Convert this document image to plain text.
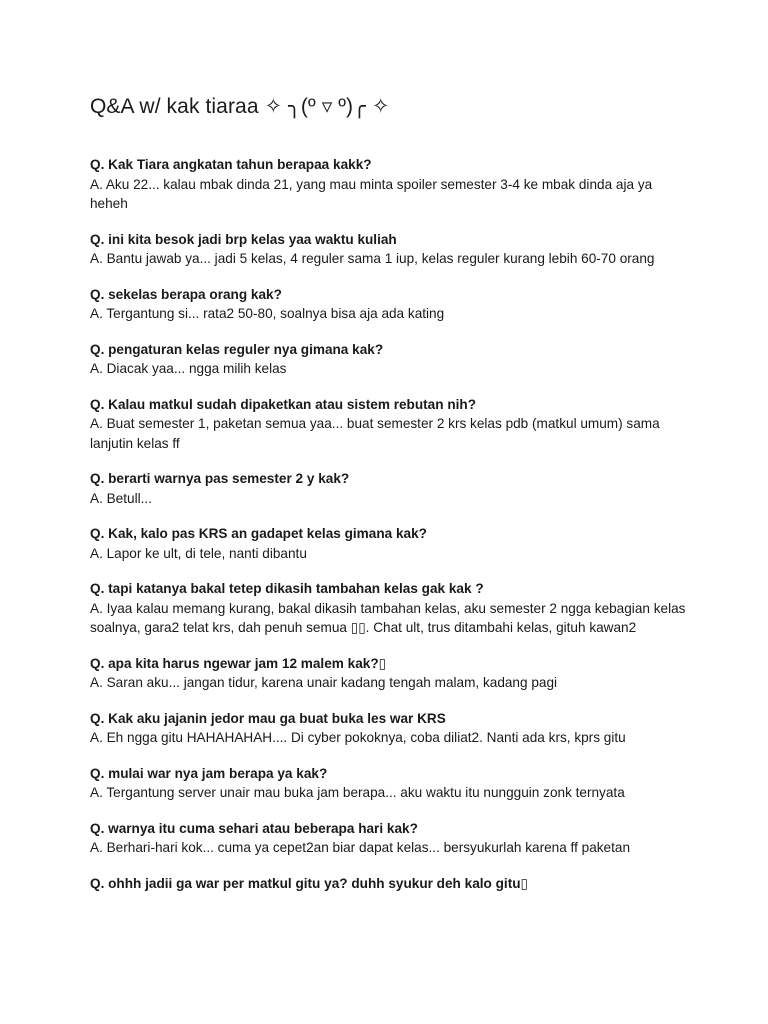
Q&A w/ kak tiaraa ✧ ╮(º ▿ º)╭ ✧

Q. Kak Tiara angkatan tahun berapaa kakk?

A. Aku 22... kalau mbak dinda 21, yang mau minta spoiler semester 3-4 ke mbak dinda aja ya heheh

Q. ini kita besok jadi brp kelas yaa waktu kuliah

A. Bantu jawab ya... jadi 5 kelas, 4 reguler sama 1 iup, kelas reguler kurang lebih 60-70 orang

Q. sekelas berapa orang kak?

A. Tergantung si... rata2 50-80, soalnya bisa aja ada kating

Q. pengaturan kelas reguler nya gimana kak?

A. Diacak yaa... ngga milih kelas

Q. Kalau matkul sudah dipaketkan atau sistem rebutan nih?

A. Buat semester 1, paketan semua yaa... buat semester 2 krs kelas pdb (matkul umum) sama lanjutin kelas ff

Q. berarti warnya pas semester 2 y kak?

A. Betull...

Q. Kak, kalo pas KRS an gadapet kelas gimana kak?

A. Lapor ke ult, di tele, nanti dibantu

Q. tapi katanya bakal tetep dikasih tambahan kelas gak kak ?

A. Iyaa kalau memang kurang, bakal dikasih tambahan kelas, aku semester 2 ngga kebagian kelas soalnya, gara2 telat krs, dah penuh semua ▯▯. Chat ult, trus ditambahi kelas, gituh kawan2

Q. apa kita harus ngewar jam 12 malem kak?▯

A. Saran aku... jangan tidur, karena unair kadang tengah malam, kadang pagi

Q. Kak aku jajanin jedor mau ga buat buka les war KRS

A. Eh ngga gitu HAHAHAHAH.... Di cyber pokoknya, coba diliat2. Nanti ada krs, kprs gitu

Q. mulai war nya jam berapa ya kak?

A. Tergantung server unair mau buka jam berapa... aku waktu itu nungguin zonk ternyata

Q. warnya itu cuma sehari atau beberapa hari kak?

A. Berhari-hari kok... cuma ya cepet2an biar dapat kelas... bersyukurlah karena ff paketan

Q. ohhh jadii ga war per matkul gitu ya? duhh syukur deh kalo gitu▯
